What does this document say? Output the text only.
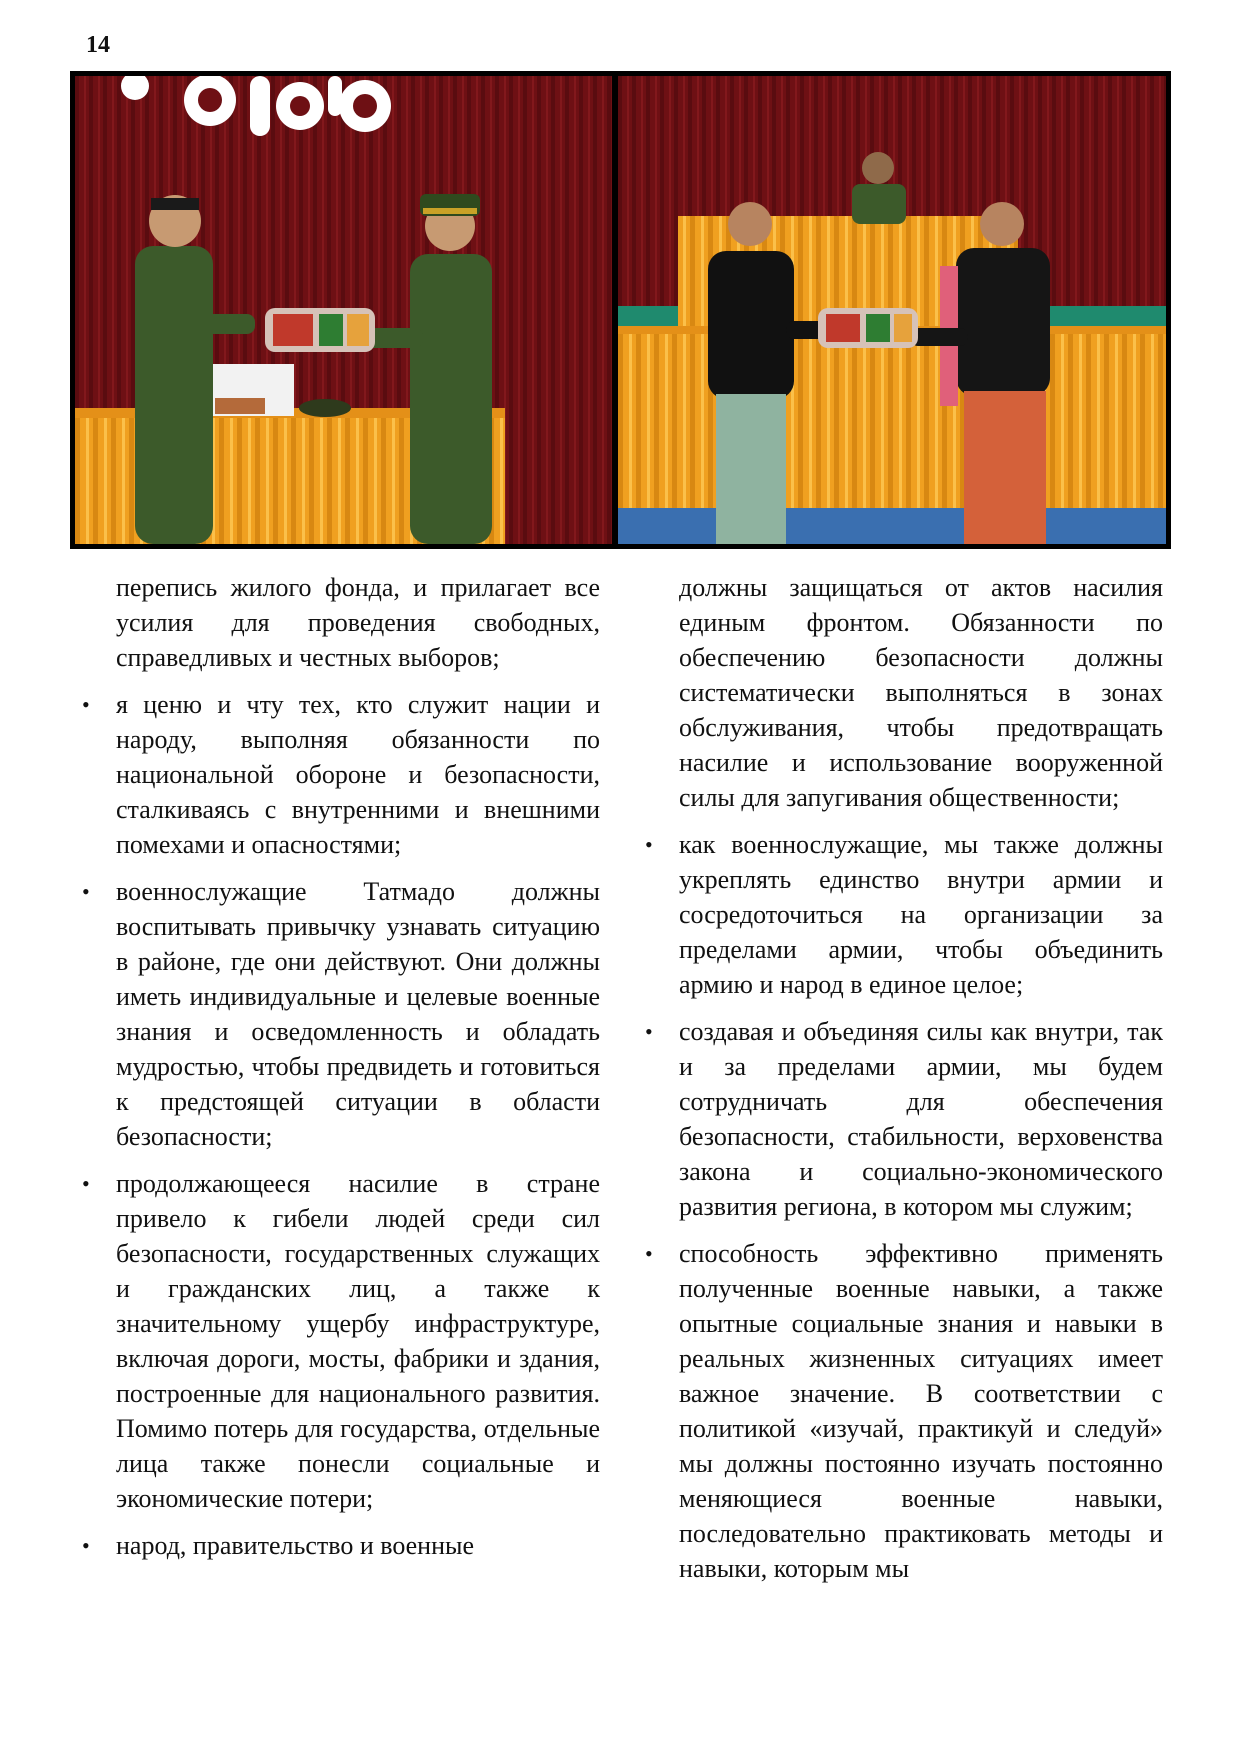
14

перепись жилого фонда, и прилагает все усилия для проведения свободных, справедливых и честных выборов;

• я ценю и чту тех, кто служит нации и народу, выполняя обязанности по национальной обороне и безопасности, сталкиваясь с внутренними и внешними помехами и опасностями;
• военнослужащие Татмадо должны воспитывать привычку узнавать ситуацию в районе, где они действуют. Они должны иметь индивидуальные и целевые военные знания и осведомленность и обладать мудростью, чтобы предвидеть и готовиться к предстоящей ситуации в области безопасности;
• продолжающееся насилие в стране привело к гибели людей среди сил безопасности, государственных служащих и гражданских лиц, а также к значительному ущербу инфраструктуре, включая дороги, мосты, фабрики и здания, построенные для национального развития. Помимо потерь для государства, отдельные лица также понесли социальные и экономические потери;
• народ, правительство и военные

должны защищаться от актов насилия единым фронтом. Обязанности по обеспечению безопасности должны систематически выполняться в зонах обслуживания, чтобы предотвращать насилие и использование вооруженной силы для запугивания общественности;

• как военнослужащие, мы также должны укреплять единство внутри армии и сосредоточиться на организации за пределами армии, чтобы объединить армию и народ в единое целое;
• создавая и объединяя силы как внутри, так и за пределами армии, мы будем сотрудничать для обеспечения безопасности, стабильности, верховенства закона и социально-экономического развития региона, в котором мы служим;
• способность эффективно применять полученные военные навыки, а также опытные социальные знания и навыки в реальных жизненных ситуациях имеет важное значение. В соответствии с политикой «изучай, практикуй и следуй» мы должны постоянно изучать постоянно меняющиеся военные навыки, последовательно практиковать методы и навыки, которым мы
